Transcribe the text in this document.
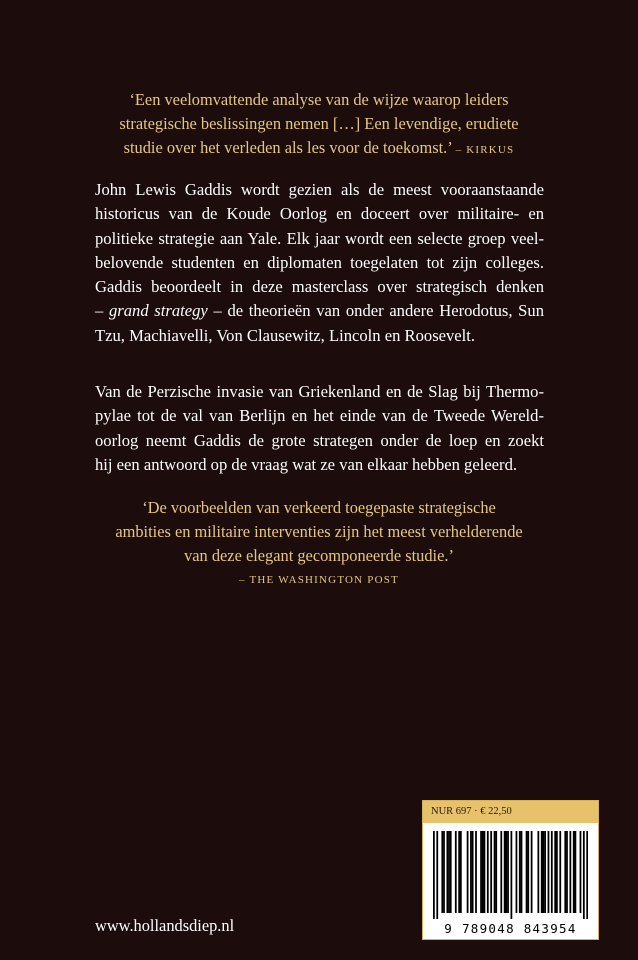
‘Een veelomvattende analyse van de wijze waarop leiders
strategische beslissingen nemen […] Een levendige, erudiete
studie over het verleden als les voor de toekomst.’ – KIRKUS
John Lewis Gaddis wordt gezien als de meest vooraanstaande
historicus van de Koude Oorlog en doceert over militaire- en
politieke strategie aan Yale. Elk jaar wordt een selecte groep veel-
belovende studenten en diplomaten toegelaten tot zijn colleges.
Gaddis beoordeelt in deze masterclass over strategisch denken
– grand strategy – de theorieën van onder andere Herodotus, Sun
Tzu, Machiavelli, Von Clausewitz, Lincoln en Roosevelt.
Van de Perzische invasie van Griekenland en de Slag bij Thermo-
pylae tot de val van Berlijn en het einde van de Tweede Wereld-
oorlog neemt Gaddis de grote strategen onder de loep en zoekt
hij een antwoord op de vraag wat ze van elkaar hebben geleerd.
‘De voorbeelden van verkeerd toegepaste strategische
ambities en militaire interventies zijn het meest verhelderende
van deze elegant gecomponeerde studie.’
– THE WASHINGTON POST
www.hollandsdiep.nl
NUR 697 · € 22,50
9 789048 843954
